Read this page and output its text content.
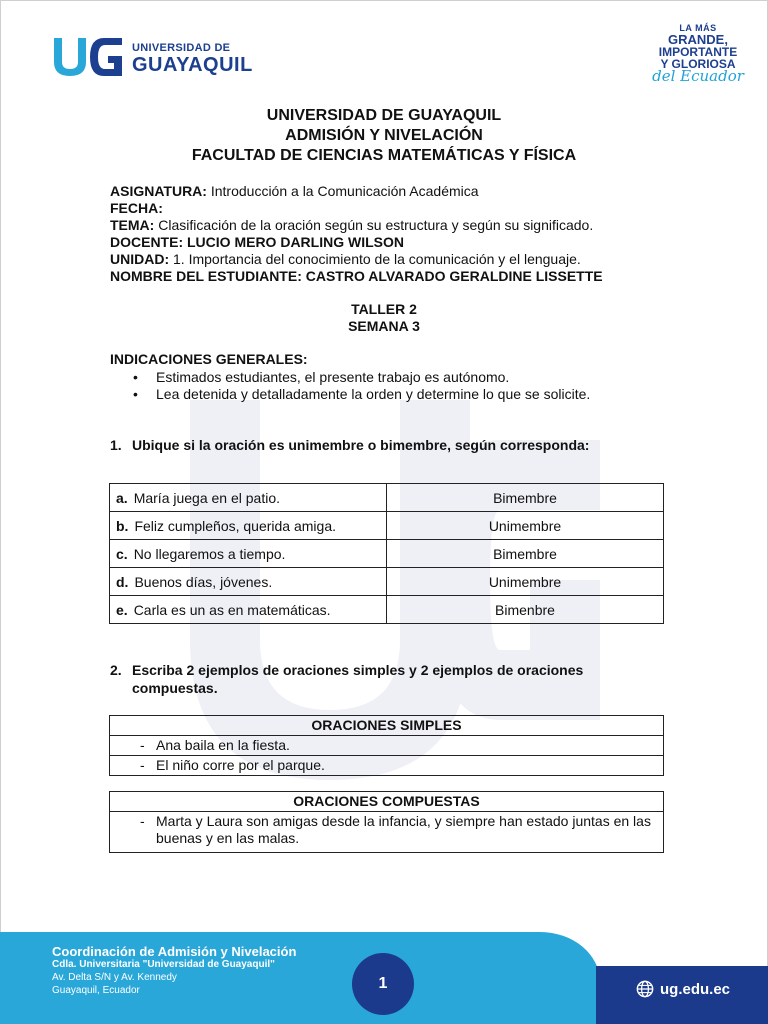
UNIVERSIDAD DE
GUAYAQUIL
LA MÁS
GRANDE,
IMPORTANTE
Y GLORIOSA
del Ecuador
UNIVERSIDAD DE GUAYAQUIL
ADMISIÓN Y NIVELACIÓN
FACULTAD DE CIENCIAS MATEMÁTICAS Y FÍSICA
ASIGNATURA: Introducción a la Comunicación Académica
FECHA:
TEMA: Clasificación de la oración según su estructura y según su significado.
DOCENTE: LUCIO MERO DARLING WILSON
UNIDAD: 1. Importancia del conocimiento de la comunicación y el lenguaje.
NOMBRE DEL ESTUDIANTE: CASTRO ALVARADO GERALDINE LISSETTE
TALLER 2
SEMANA 3
INDICACIONES GENERALES:
• Estimados estudiantes, el presente trabajo es autónomo.
• Lea detenida y detalladamente la orden y determine lo que se solicite.
1. Ubique si la oración es unimembre o bimembre, según corresponda:
a. María juega en el patio.	Bimembre
b. Feliz cumpleños, querida amiga.	Unimembre
c. No llegaremos a tiempo.	Bimembre
d. Buenos días, jóvenes.	Unimembre
e. Carla es un as en matemáticas.	Bimenbre
2. Escriba 2 ejemplos de oraciones simples y 2 ejemplos de oraciones compuestas.
ORACIONES SIMPLES

- Ana baila en la fiesta.

- El niño corre por el parque.
ORACIONES COMPUESTAS

- Marta y Laura son amigas desde la infancia, y siempre han estado juntas en las buenas y en las malas.
Coordinación de Admisión y Nivelación
Cdla. Universitaria "Universidad de Guayaquil"
Av. Delta S/N y Av. Kennedy
Guayaquil, Ecuador	1	ug.edu.ec
